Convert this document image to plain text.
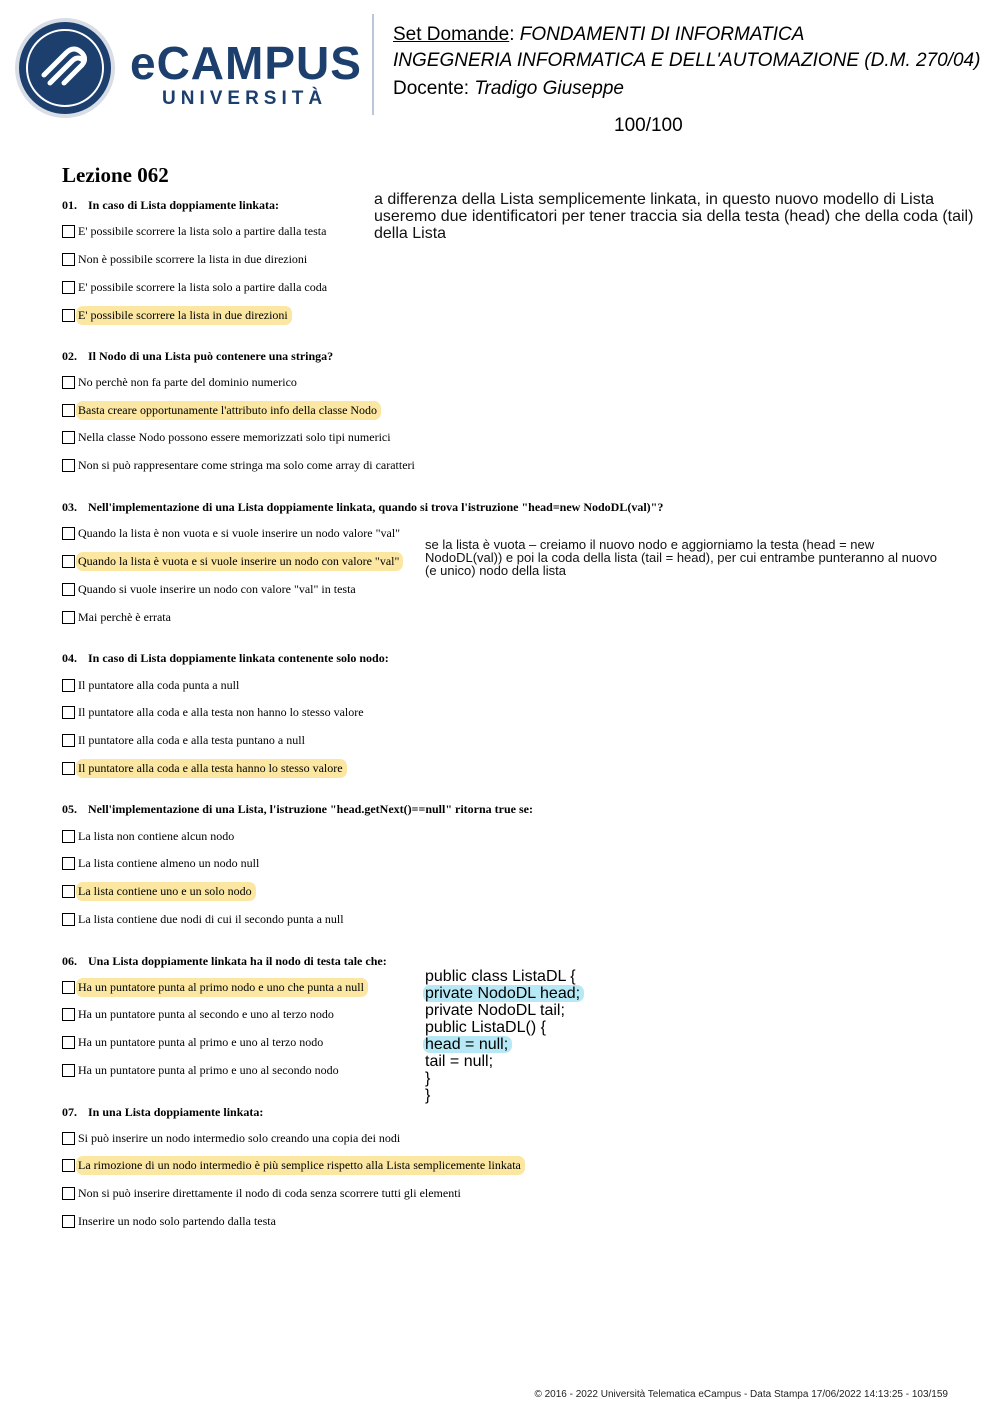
eCAMPUS
UNIVERSITÀ
Set Domande: FONDAMENTI DI INFORMATICA
INGEGNERIA INFORMATICA E DELL'AUTOMAZIONE (D.M. 270/04)
Docente: Tradigo Giuseppe
100/100
Lezione 062
01. In caso di Lista doppiamente linkata:
E' possibile scorrere la lista solo a partire dalla testa
Non è possibile scorrere la lista in due direzioni
E' possibile scorrere la lista solo a partire dalla coda
E' possibile scorrere la lista in due direzioni
a differenza della Lista semplicemente linkata, in questo nuovo modello di Lista useremo due identificatori per tener traccia sia della testa (head) che della coda (tail) della Lista
02. Il Nodo di una Lista può contenere una stringa?
No perchè non fa parte del dominio numerico
Basta creare opportunamente l'attributo info della classe Nodo
Nella classe Nodo possono essere memorizzati solo tipi numerici
Non si può rappresentare come stringa ma solo come array di caratteri
03. Nell'implementazione di una Lista doppiamente linkata, quando si trova l'istruzione "head=new NodoDL(val)"?
Quando la lista è non vuota e si vuole inserire un nodo valore "val"
Quando la lista è vuota e si vuole inserire un nodo con valore "val"
Quando si vuole inserire un nodo con valore "val" in testa
Mai perchè è errata
se la lista è vuota – creiamo il nuovo nodo e aggiorniamo la testa (head = new NodoDL(val)) e poi la coda della lista (tail = head), per cui entrambe punteranno al nuovo (e unico) nodo della lista
04. In caso di Lista doppiamente linkata contenente solo nodo:
Il puntatore alla coda punta a null
Il puntatore alla coda e alla testa non hanno lo stesso valore
Il puntatore alla coda e alla testa puntano a null
Il puntatore alla coda e alla testa hanno lo stesso valore
05. Nell'implementazione di una Lista, l'istruzione "head.getNext()==null" ritorna true se:
La lista non contiene alcun nodo
La lista contiene almeno un nodo null
La lista contiene uno e un solo nodo
La lista contiene due nodi di cui il secondo punta a null
06. Una Lista doppiamente linkata ha il nodo di testa tale che:
Ha un puntatore punta al primo nodo e uno che punta a null
Ha un puntatore punta al secondo e uno al terzo nodo
Ha un puntatore punta al primo e uno al terzo nodo
Ha un puntatore punta al primo e uno al secondo nodo
public class ListaDL {
private NodoDL head;
private NodoDL tail;
public ListaDL() {
head = null;
tail = null;
}
}
07. In una Lista doppiamente linkata:
Si può inserire un nodo intermedio solo creando una copia dei nodi
La rimozione di un nodo intermedio è più semplice rispetto alla Lista semplicemente linkata
Non si può inserire direttamente il nodo di coda senza scorrere tutti gli elementi
Inserire un nodo solo partendo dalla testa
© 2016 - 2022 Università Telematica eCampus - Data Stampa 17/06/2022 14:13:25 - 103/159
